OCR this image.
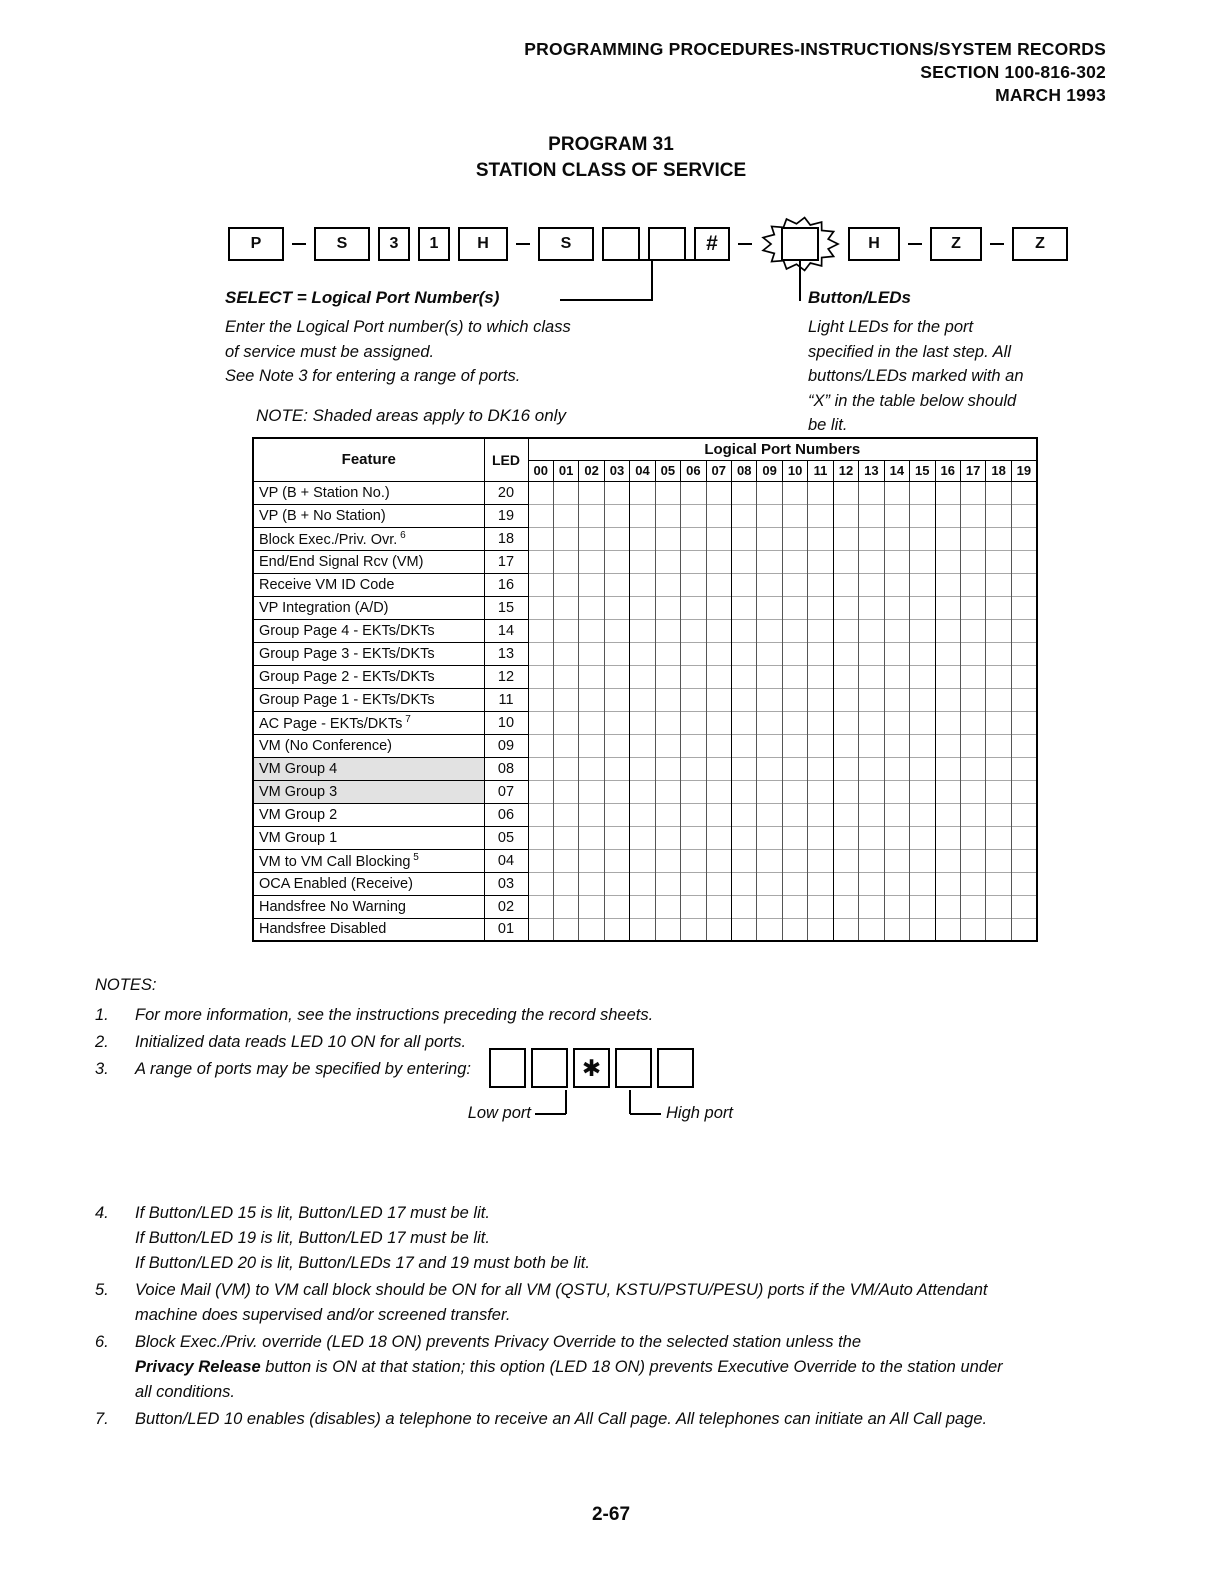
PROGRAMMING PROCEDURES-INSTRUCTIONS/SYSTEM RECORDS
SECTION 100-816-302
MARCH 1993
PROGRAM 31
STATION CLASS OF SERVICE
P	S	3	1	H	S	#	H	Z	Z
SELECT = Logical Port Number(s)
Enter the Logical Port number(s) to which class
of service must be assigned.
See Note 3 for entering a range of ports.
Button/LEDs
Light LEDs for the port
specified in the last step. All
buttons/LEDs marked with an
“X” in the table below should
be lit.
NOTE: Shaded areas apply to DK16 only
Feature	LED	Logical Port Numbers																			
		00	01	02	03	04	05	06	07	08	09	10	11	12	13	14	15	16	17	18	19
VP (B + Station No.)	20																				
VP (B + No Station)	19																				
Block Exec./Priv. Ovr. $^6$	18																				
End/End Signal Rcv (VM)	17																				
Receive VM ID Code	16																				
VP Integration (A/D)	15																				
Group Page 4 - EKTs/DKTs	14																				
Group Page 3 - EKTs/DKTs	13																				
Group Page 2 - EKTs/DKTs	12																				
Group Page 1 - EKTs/DKTs	11																				
AC Page - EKTs/DKTs $^7$	10																				
VM (No Conference)	09																				
VM Group 4	08																				
VM Group 3	07																				
VM Group 2	06																				
VM Group 1	05																				
VM to VM Call Blocking $^5$	04																				
OCA Enabled (Receive)	03																				
Handsfree No Warning	02																				
Handsfree Disabled	01																				
NOTES:
1.	For more information, see the instructions preceding the record sheets.
2.	Initialized data reads LED 10 ON for all ports.
3.	A range of ports may be specified by entering:	✱
Low port	High port
4.	If Button/LED 15 is lit, Button/LED 17 must be lit.
If Button/LED 19 is lit, Button/LED 17 must be lit.
If Button/LED 20 is lit, Button/LEDs 17 and 19 must both be lit.
5.	Voice Mail (VM) to VM call block should be ON for all VM (QSTU, KSTU/PSTU/PESU) ports if the VM/Auto Attendant
machine does supervised and/or screened transfer.
6.	Block Exec./Priv. override (LED 18 ON) prevents Privacy Override to the selected station unless the
Privacy Release button is ON at that station; this option (LED 18 ON) prevents Executive Override to the station under
all conditions.
7.	Button/LED 10 enables (disables) a telephone to receive an All Call page. All telephones can initiate an All Call page.
2-67
